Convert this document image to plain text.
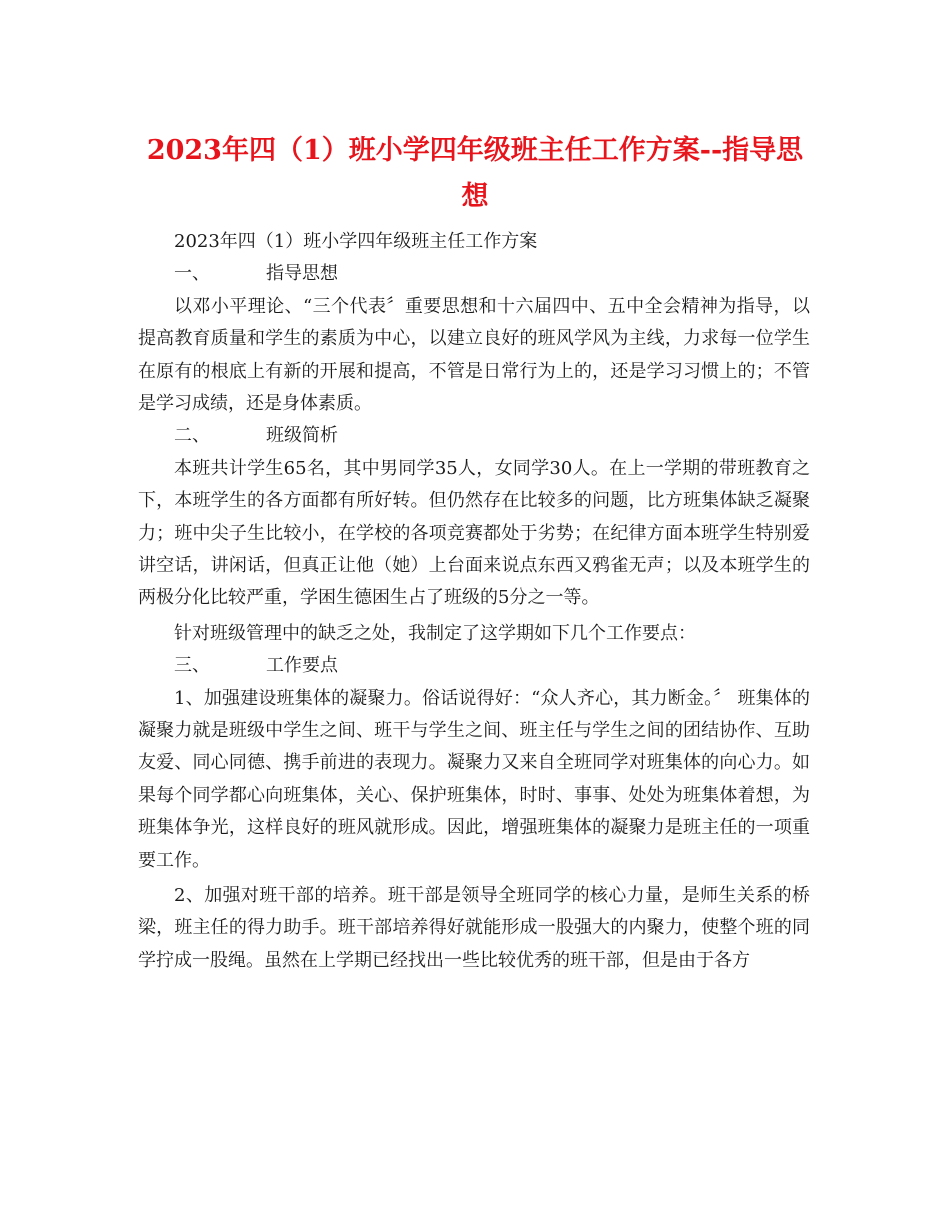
2023年四（1）班小学四年级班主任工作方案--指导思想

2023年四（1）班小学四年级班主任工作方案

一、	指导思想

以邓小平理论、“三个代表〞重要思想和十六届四中、五中全会精神为指导，以提高教育质量和学生的素质为中心，以建立良好的班风学风为主线，力求每一位学生在原有的根底上有新的开展和提高，不管是日常行为上的，还是学习习惯上的；不管是学习成绩，还是身体素质。

二、	班级简析

本班共计学生65名，其中男同学35人，女同学30人。在上一学期的带班教育之下，本班学生的各方面都有所好转。但仍然存在比较多的问题，比方班集体缺乏凝聚力；班中尖子生比较小，在学校的各项竞赛都处于劣势；在纪律方面本班学生特别爱讲空话，讲闲话，但真正让他（她）上台面来说点东西又鸦雀无声；以及本班学生的两极分化比较严重，学困生德困生占了班级的5分之一等。

针对班级管理中的缺乏之处，我制定了这学期如下几个工作要点：

三、	工作要点

1、加强建设班集体的凝聚力。俗话说得好：“众人齐心，其力断金。〞 班集体的凝聚力就是班级中学生之间、班干与学生之间、班主任与学生之间的团结协作、互助友爱、同心同德、携手前进的表现力。凝聚力又来自全班同学对班集体的向心力。如果每个同学都心向班集体，关心、保护班集体，时时、事事、处处为班集体着想，为班集体争光，这样良好的班风就形成。因此，增强班集体的凝聚力是班主任的一项重要工作。

2、加强对班干部的培养。班干部是领导全班同学的核心力量，是师生关系的桥梁，班主任的得力助手。班干部培养得好就能形成一股强大的内聚力，使整个班的同学拧成一股绳。虽然在上学期已经找出一些比较优秀的班干部，但是由于各方
